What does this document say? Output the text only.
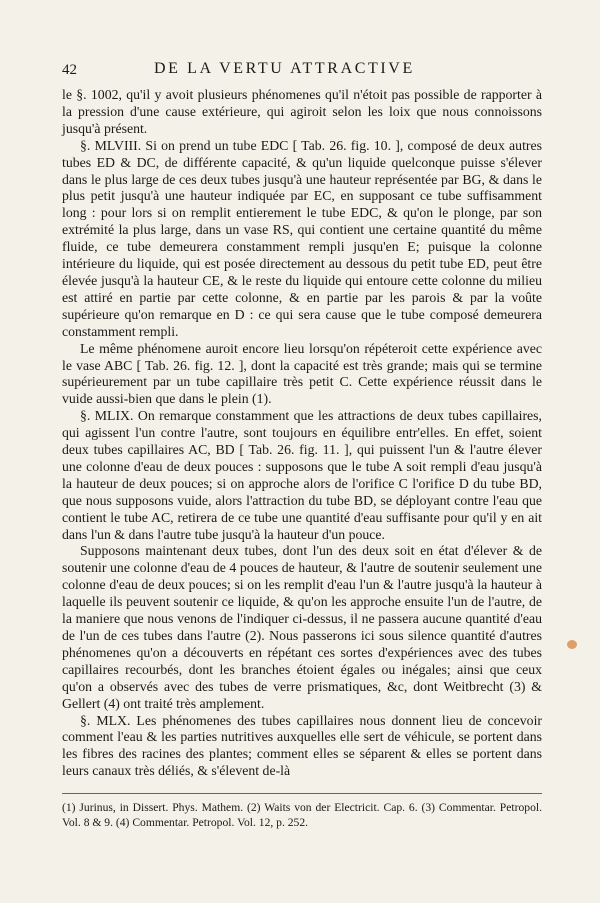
42	DE LA VERTU ATTRACTIVE

le §. 1002, qu'il y avoit plusieurs phénomenes qu'il n'étoit pas possible de rapporter à la pression d'une cause extérieure, qui agiroit selon les loix que nous connoissons jusqu'à présent.

§. MLVIII. Si on prend un tube EDC [ Tab. 26. fig. 10. ], composé de deux autres tubes ED & DC, de différente capacité, & qu'un liquide quelconque puisse s'élever dans le plus large de ces deux tubes jusqu'à une hauteur représentée par BG, & dans le plus petit jusqu'à une hauteur indiquée par EC, en supposant ce tube suffisamment long : pour lors si on remplit entierement le tube EDC, & qu'on le plonge, par son extrémité la plus large, dans un vase RS, qui contient une certaine quantité du même fluide, ce tube demeurera constamment rempli jusqu'en E; puisque la colonne intérieure du liquide, qui est posée directement au dessous du petit tube ED, peut être élevée jusqu'à la hauteur CE, & le reste du liquide qui entoure cette colonne du milieu est attiré en partie par cette colonne, & en partie par les parois & par la voûte supérieure qu'on remarque en D : ce qui sera cause que le tube composé demeurera constamment rempli.

Le même phénomene auroit encore lieu lorsqu'on répéteroit cette expérience avec le vase ABC [ Tab. 26. fig. 12. ], dont la capacité est très grande; mais qui se termine supérieurement par un tube capillaire très petit C. Cette expérience réussit dans le vuide aussi-bien que dans le plein (1).

§. MLIX. On remarque constamment que les attractions de deux tubes capillaires, qui agissent l'un contre l'autre, sont toujours en équilibre entr'elles. En effet, soient deux tubes capillaires AC, BD [ Tab. 26. fig. 11. ], qui puissent l'un & l'autre élever une colonne d'eau de deux pouces : supposons que le tube A soit rempli d'eau jusqu'à la hauteur de deux pouces; si on approche alors de l'orifice C l'orifice D du tube BD, que nous supposons vuide, alors l'attraction du tube BD, se déployant contre l'eau que contient le tube AC, retirera de ce tube une quantité d'eau suffisante pour qu'il y en ait dans l'un & dans l'autre tube jusqu'à la hauteur d'un pouce.

Supposons maintenant deux tubes, dont l'un des deux soit en état d'élever & de soutenir une colonne d'eau de 4 pouces de hauteur, & l'autre de soutenir seulement une colonne d'eau de deux pouces; si on les remplit d'eau l'un & l'autre jusqu'à la hauteur à laquelle ils peuvent soutenir ce liquide, & qu'on les approche ensuite l'un de l'autre, de la maniere que nous venons de l'indiquer ci-dessus, il ne passera aucune quantité d'eau de l'un de ces tubes dans l'autre (2). Nous passerons ici sous silence quantité d'autres phénomenes qu'on a découverts en répétant ces sortes d'expériences avec des tubes capillaires recourbés, dont les branches étoient égales ou inégales; ainsi que ceux qu'on a observés avec des tubes de verre prismatiques, &c, dont Weitbrecht (3) & Gellert (4) ont traité très amplement.

§. MLX. Les phénomenes des tubes capillaires nous donnent lieu de concevoir comment l'eau & les parties nutritives auxquelles elle sert de véhicule, se portent dans les fibres des racines des plantes; comment elles se séparent & elles se portent dans leurs canaux très déliés, & s'élevent de-là

(1) Jurinus, in Dissert. Phys. Mathem. (2) Waits von der Electricit. Cap. 6. (3) Commentar. Petropol. Vol. 8 & 9. (4) Commentar. Petropol. Vol. 12, p. 252.
